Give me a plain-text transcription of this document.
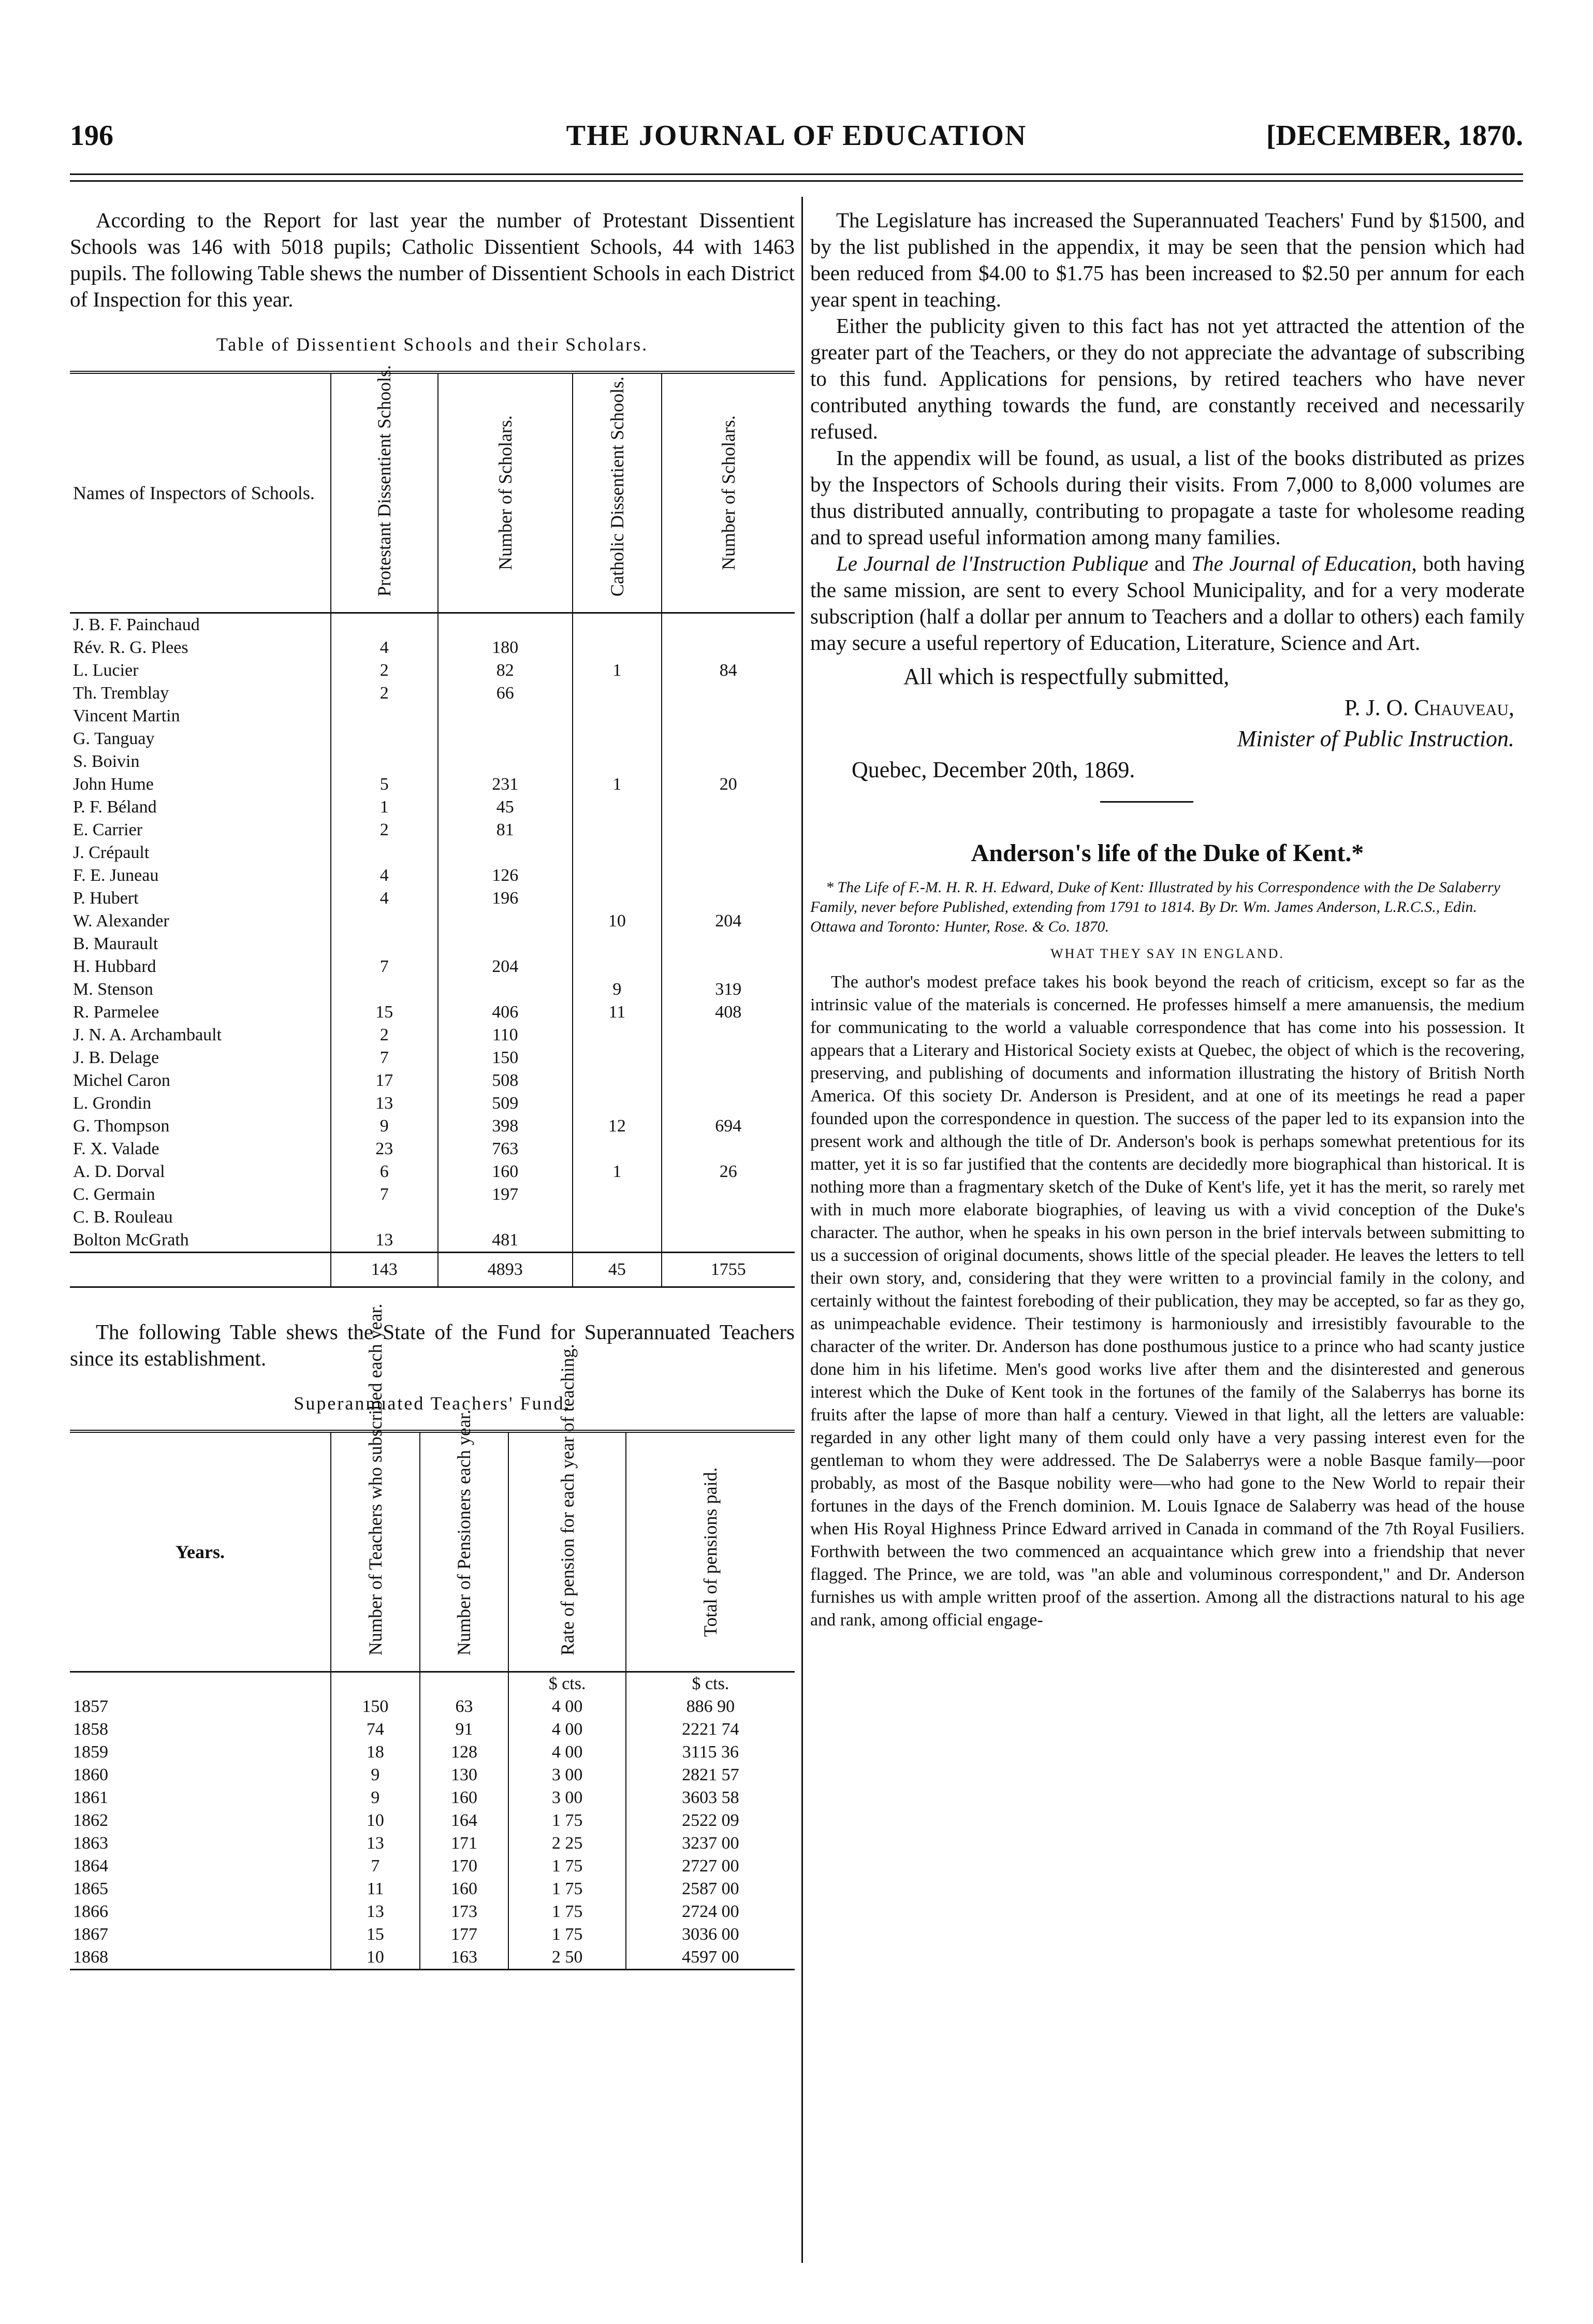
196	THE JOURNAL OF EDUCATION	[DECEMBER, 1870.

According to the Report for last year the number of Protestant Dissentient Schools was 146 with 5018 pupils; Catholic Dissentient Schools, 44 with 1463 pupils. The following Table shews the number of Dissentient Schools in each District of Inspection for this year.

Table of Dissentient Schools and their Scholars.
Names of Inspectors of Schools.	Protestant Dissentient Schools.	Number of Scholars.	Catholic Dissentient Schools.	Number of Scholars.

J. B. F. Painchaud				
Rév. R. G. Plees	4	180		
L. Lucier	2	82	1	84
Th. Tremblay	2	66		
Vincent Martin				
G. Tanguay				
S. Boivin				
John Hume	5	231	1	20
P. F. Béland	1	45		
E. Carrier	2	81		
J. Crépault				
F. E. Juneau	4	126		
P. Hubert	4	196		
W. Alexander			10	204
B. Maurault				
H. Hubbard	7	204		
M. Stenson			9	319
R. Parmelee	15	406	11	408
J. N. A. Archambault	2	110		
J. B. Delage	7	150		
Michel Caron	17	508		
L. Grondin	13	509		
G. Thompson	9	398	12	694
F. X. Valade	23	763		
A. D. Dorval	6	160	1	26
C. Germain	7	197		
C. B. Rouleau				
Bolton McGrath	13	481		
	143	4893	45	1755

The following Table shews the State of the Fund for Superannuated Teachers since its establishment.

Superannuated Teachers' Fund.
Years.	Number of Teachers who subscribed each year.	Number of Pensioners each year.	Rate of pension for each year of teaching.	Total of pensions paid.

			$ cts.	$ cts.
1857	150	63	4 00	886 90
1858	74	91	4 00	2221 74
1859	18	128	4 00	3115 36
1860	9	130	3 00	2821 57
1861	9	160	3 00	3603 58
1862	10	164	1 75	2522 09
1863	13	171	2 25	3237 00
1864	7	170	1 75	2727 00
1865	11	160	1 75	2587 00
1866	13	173	1 75	2724 00
1867	15	177	1 75	3036 00
1868	10	163	2 50	4597 00

The Legislature has increased the Superannuated Teachers' Fund by $1500, and by the list published in the appendix, it may be seen that the pension which had been reduced from $4.00 to $1.75 has been increased to $2.50 per annum for each year spent in teaching.

Either the publicity given to this fact has not yet attracted the attention of the greater part of the Teachers, or they do not appreciate the advantage of subscribing to this fund. Applications for pensions, by retired teachers who have never contributed anything towards the fund, are constantly received and necessarily refused.

In the appendix will be found, as usual, a list of the books distributed as prizes by the Inspectors of Schools during their visits. From 7,000 to 8,000 volumes are thus distributed annually, contributing to propagate a taste for wholesome reading and to spread useful information among many families.

Le Journal de l'Instruction Publique and The Journal of Education, both having the same mission, are sent to every School Municipality, and for a very moderate subscription (half a dollar per annum to Teachers and a dollar to others) each family may secure a useful repertory of Education, Literature, Science and Art.

All which is respectfully submitted,
P. J. O. Chauveau,
Minister of Public Instruction.
Quebec, December 20th, 1869.
Anderson's life of the Duke of Kent.*

* The Life of F.-M. H. R. H. Edward, Duke of Kent: Illustrated by his Correspondence with the De Salaberry Family, never before Published, extending from 1791 to 1814. By Dr. Wm. James Anderson, L.R.C.S., Edin. Ottawa and Toronto: Hunter, Rose. & Co. 1870.

WHAT THEY SAY IN ENGLAND.

The author's modest preface takes his book beyond the reach of criticism, except so far as the intrinsic value of the materials is concerned. He professes himself a mere amanuensis, the medium for communicating to the world a valuable correspondence that has come into his possession. It appears that a Literary and Historical Society exists at Quebec, the object of which is the recovering, preserving, and publishing of documents and information illustrating the history of British North America. Of this society Dr. Anderson is President, and at one of its meetings he read a paper founded upon the correspondence in question. The success of the paper led to its expansion into the present work and although the title of Dr. Anderson's book is perhaps somewhat pretentious for its matter, yet it is so far justified that the contents are decidedly more biographical than historical. It is nothing more than a fragmentary sketch of the Duke of Kent's life, yet it has the merit, so rarely met with in much more elaborate biographies, of leaving us with a vivid conception of the Duke's character. The author, when he speaks in his own person in the brief intervals between submitting to us a succession of original documents, shows little of the special pleader. He leaves the letters to tell their own story, and, considering that they were written to a provincial family in the colony, and certainly without the faintest foreboding of their publication, they may be accepted, so far as they go, as unimpeachable evidence. Their testimony is harmoniously and irresistibly favourable to the character of the writer. Dr. Anderson has done posthumous justice to a prince who had scanty justice done him in his lifetime. Men's good works live after them and the disinterested and generous interest which the Duke of Kent took in the fortunes of the family of the Salaberrys has borne its fruits after the lapse of more than half a century. Viewed in that light, all the letters are valuable: regarded in any other light many of them could only have a very passing interest even for the gentleman to whom they were addressed. The De Salaberrys were a noble Basque family—poor probably, as most of the Basque nobility were—who had gone to the New World to repair their fortunes in the days of the French dominion. M. Louis Ignace de Salaberry was head of the house when His Royal Highness Prince Edward arrived in Canada in command of the 7th Royal Fusiliers. Forthwith between the two commenced an acquaintance which grew into a friendship that never flagged. The Prince, we are told, was "an able and voluminous correspondent," and Dr. Anderson furnishes us with ample written proof of the assertion. Among all the distractions natural to his age and rank, among official engage-
